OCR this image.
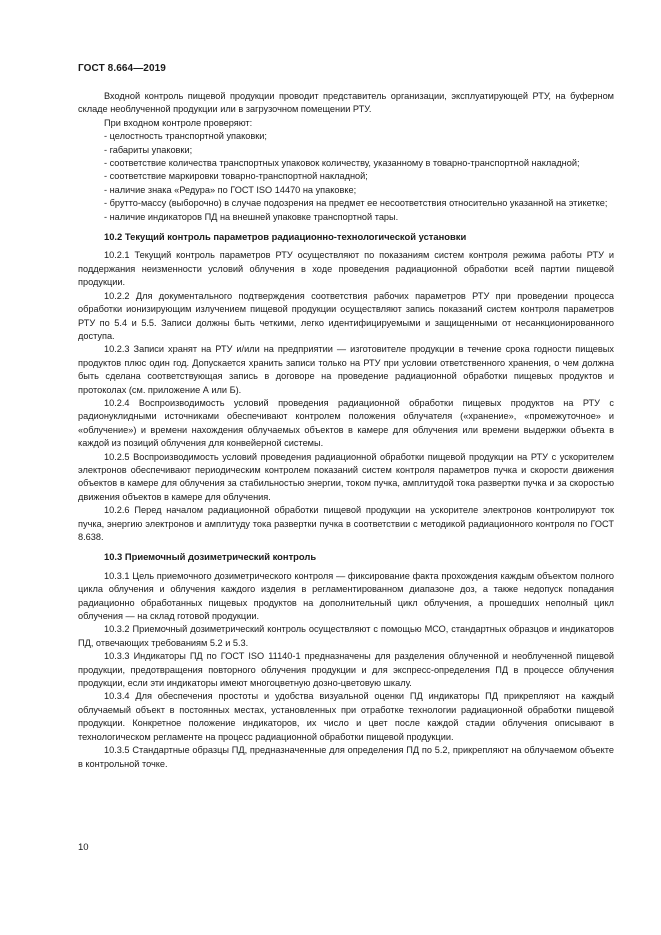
ГОСТ 8.664—2019

Входной контроль пищевой продукции проводит представитель организации, эксплуатирующей РТУ, на буферном складе необлученной продукции или в загрузочном помещении РТУ.

При входном контроле проверяют:

- целостность транспортной упаковки;

- габариты упаковки;

- соответствие количества транспортных упаковок количеству, указанному в товарно-транспортной накладной;

- соответствие маркировки товарно-транспортной накладной;

- наличие знака «Редура» по ГОСТ ISO 14470 на упаковке;

- брутто-массу (выборочно) в случае подозрения на предмет ее несоответствия относительно указанной на этикетке;

- наличие индикаторов ПД на внешней упаковке транспортной тары.

10.2 Текущий контроль параметров радиационно-технологической установки

10.2.1 Текущий контроль параметров РТУ осуществляют по показаниям систем контроля режима работы РТУ и поддержания неизменности условий облучения в ходе проведения радиационной обработки всей партии пищевой продукции.

10.2.2 Для документального подтверждения соответствия рабочих параметров РТУ при проведении процесса обработки ионизирующим излучением пищевой продукции осуществляют запись показаний систем контроля параметров РТУ по 5.4 и 5.5. Записи должны быть четкими, легко идентифицируемыми и защищенными от несанкционированного доступа.

10.2.3 Записи хранят на РТУ и/или на предприятии — изготовителе продукции в течение срока годности пищевых продуктов плюс один год. Допускается хранить записи только на РТУ при условии ответственного хранения, о чем должна быть сделана соответствующая запись в договоре на проведение радиационной обработки пищевых продуктов и протоколах (см. приложение А или Б).

10.2.4 Воспроизводимость условий проведения радиационной обработки пищевых продуктов на РТУ с радионуклидными источниками обеспечивают контролем положения облучателя («хранение», «промежуточное» и «облучение») и времени нахождения облучаемых объектов в камере для облучения или времени выдержки объекта в каждой из позиций облучения для конвейерной системы.

10.2.5 Воспроизводимость условий проведения радиационной обработки пищевой продукции на РТУ с ускорителем электронов обеспечивают периодическим контролем показаний систем контроля параметров пучка и скорости движения объектов в камере для облучения за стабильностью энергии, током пучка, амплитудой тока развертки пучка и за скоростью движения объектов в камере для облучения.

10.2.6 Перед началом радиационной обработки пищевой продукции на ускорителе электронов контролируют ток пучка, энергию электронов и амплитуду тока развертки пучка в соответствии с методикой радиационного контроля по ГОСТ 8.638.

10.3 Приемочный дозиметрический контроль

10.3.1 Цель приемочного дозиметрического контроля — фиксирование факта прохождения каждым объектом полного цикла облучения и облучения каждого изделия в регламентированном диапазоне доз, а также недопуск попадания радиационно обработанных пищевых продуктов на дополнительный цикл облучения, а прошедших неполный цикл облучения — на склад готовой продукции.

10.3.2 Приемочный дозиметрический контроль осуществляют с помощью МСО, стандартных образцов и индикаторов ПД, отвечающих требованиям 5.2 и 5.3.

10.3.3 Индикаторы ПД по ГОСТ ISO 11140-1 предназначены для разделения облученной и необлученной пищевой продукции, предотвращения повторного облучения продукции и для экспресс-определения ПД в процессе облучения продукции, если эти индикаторы имеют многоцветную дозно-цветовую шкалу.

10.3.4 Для обеспечения простоты и удобства визуальной оценки ПД индикаторы ПД прикрепляют на каждый облучаемый объект в постоянных местах, установленных при отработке технологии радиационной обработки пищевой продукции. Конкретное положение индикаторов, их число и цвет после каждой стадии облучения описывают в технологическом регламенте на процесс радиационной обработки пищевой продукции.

10.3.5 Стандартные образцы ПД, предназначенные для определения ПД по 5.2, прикрепляют на облучаемом объекте в контрольной точке.

10
